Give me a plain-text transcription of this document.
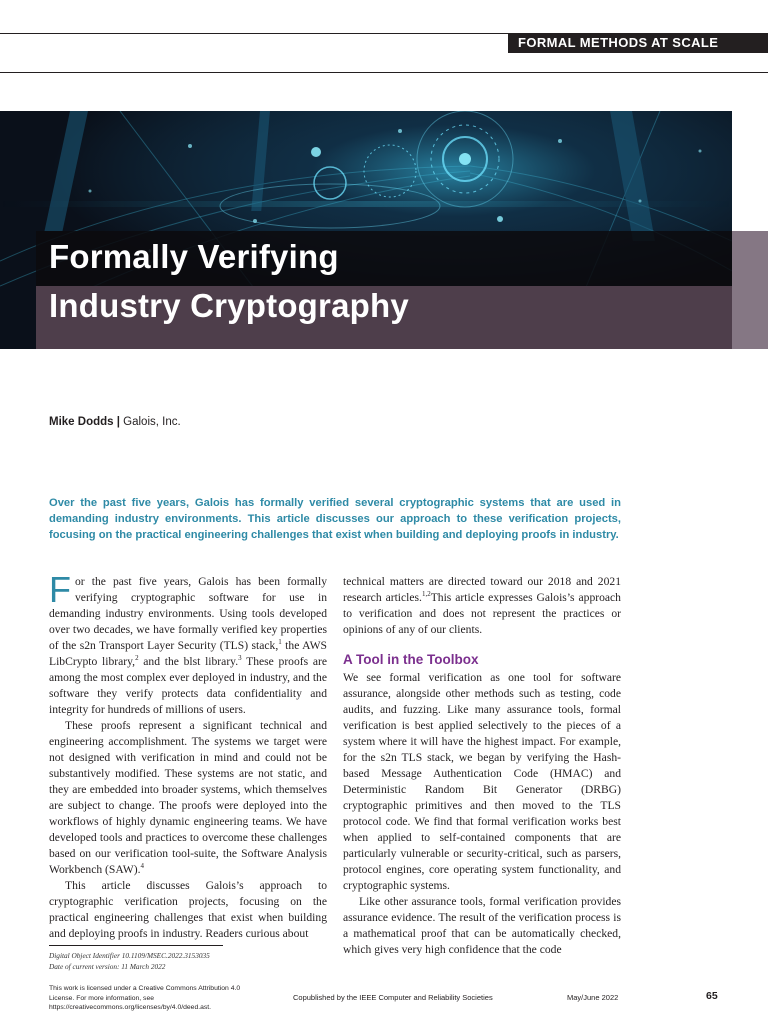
FORMAL METHODS AT SCALE
Formally Verifying
Industry Cryptography
Mike Dodds | Galois, Inc.
Over the past five years, Galois has formally verified several cryptographic systems that are used in demanding industry environments. This article discusses our approach to these verification projects, focusing on the practical engineering challenges that exist when building and deploying proofs in industry.

For the past five years, Galois has been formally verifying cryptographic software for use in demanding industry environments. Using tools developed over two decades, we have formally verified key properties of the s2n Transport Layer Security (TLS) stack,$^1$ the AWS LibCrypto library,$^2$ and the blst library.$^3$ These proofs are among the most complex ever deployed in industry, and the software they verify protects data confidentiality and integrity for hundreds of millions of users.

These proofs represent a significant technical and engineering accomplishment. The systems we target were not designed with verification in mind and could not be substantively modified. These systems are not static, and they are embedded into broader systems, which themselves are subject to change. The proofs were deployed into the workflows of highly dynamic engineering teams. We have developed tools and practices to overcome these challenges based on our verification tool-suite, the Software Analysis Workbench (SAW).$^4$

This article discusses Galois’s approach to cryptographic verification projects, focusing on the practical engineering challenges that exist when building and deploying proofs in industry. Readers curious about

technical matters are directed toward our 2018 and 2021 research articles.$^{1,2}$This article expresses Galois’s approach to verification and does not represent the practices or opinions of any of our clients.

A Tool in the Toolbox

We see formal verification as one tool for software assurance, alongside other methods such as testing, code audits, and fuzzing. Like many assurance tools, formal verification is best applied selectively to the pieces of a system where it will have the highest impact. For example, for the s2n TLS stack, we began by verifying the Hash-based Message Authentication Code (HMAC) and Deterministic Random Bit Generator (DRBG) cryptographic primitives and then moved to the TLS protocol code. We find that formal verification works best when applied to self-contained components that are particularly vulnerable or security-critical, such as parsers, protocol engines, core operating system functionality, and cryptographic systems.

Like other assurance tools, formal verification provides assurance evidence. The result of the verification process is a mathematical proof that can be automatically checked, which gives very high confidence that the code

Digital Object Identifier 10.1109/MSEC.2022.3153035
Date of current version: 11 March 2022
This work is licensed under a Creative Commons Attribution 4.0 License. For more information, see https://creativecommons.org/licenses/by/4.0/deed.ast.
Copublished by the IEEE Computer and Reliability Societies	May/June 2022	65
